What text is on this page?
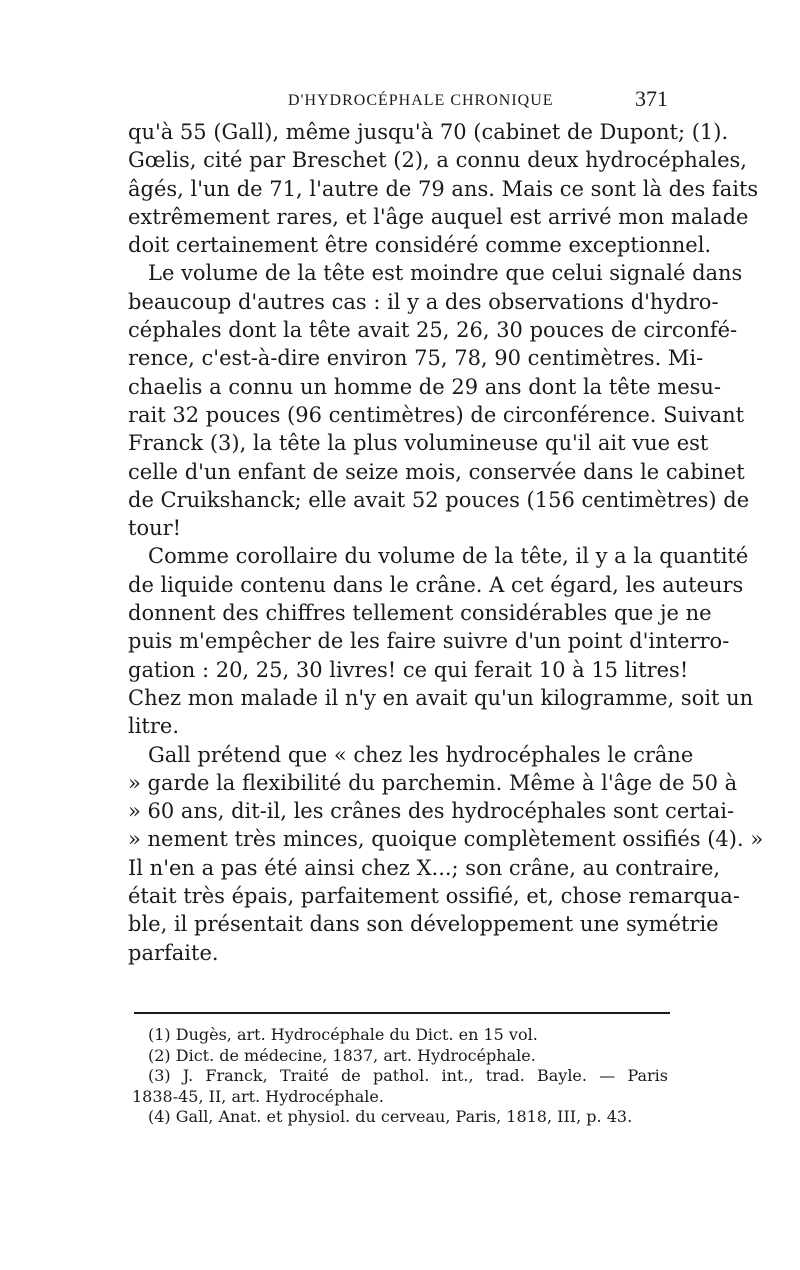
D'HYDROCÉPHALE CHRONIQUE	371
qu'à 55 (Gall), même jusqu'à 70 (cabinet de Dupont; (1).
Gœlis, cité par Breschet (2), a connu deux hydrocéphales,
âgés, l'un de 71, l'autre de 79 ans. Mais ce sont là des faits
extrêmement rares, et l'âge auquel est arrivé mon malade
doit certainement être considéré comme exceptionnel.
Le volume de la tête est moindre que celui signalé dans
beaucoup d'autres cas : il y a des observations d'hydro-
céphales dont la tête avait 25, 26, 30 pouces de circonfé-
rence, c'est-à-dire environ 75, 78, 90 centimètres. Mi-
chaelis a connu un homme de 29 ans dont la tête mesu-
rait 32 pouces (96 centimètres) de circonférence. Suivant
Franck (3), la tête la plus volumineuse qu'il ait vue est
celle d'un enfant de seize mois, conservée dans le cabinet
de Cruikshanck; elle avait 52 pouces (156 centimètres) de
tour!
Comme corollaire du volume de la tête, il y a la quantité
de liquide contenu dans le crâne. A cet égard, les auteurs
donnent des chiffres tellement considérables que je ne
puis m'empêcher de les faire suivre d'un point d'interro-
gation : 20, 25, 30 livres! ce qui ferait 10 à 15 litres!
Chez mon malade il n'y en avait qu'un kilogramme, soit un
litre.
Gall prétend que « chez les hydrocéphales le crâne
» garde la flexibilité du parchemin. Même à l'âge de 50 à
» 60 ans, dit-il, les crânes des hydrocéphales sont certai-
» nement très minces, quoique complètement ossifiés (4). »
Il n'en a pas été ainsi chez X...; son crâne, au contraire,
était très épais, parfaitement ossifié, et, chose remarqua-
ble, il présentait dans son développement une symétrie
parfaite.
(1) Dugès, art. Hydrocéphale du Dict. en 15 vol.
(2) Dict. de médecine, 1837, art. Hydrocéphale.
(3) J. Franck, Traité de pathol. int., trad. Bayle. — Paris
1838-45, II, art. Hydrocéphale.
(4) Gall, Anat. et physiol. du cerveau, Paris, 1818, III, p. 43.
